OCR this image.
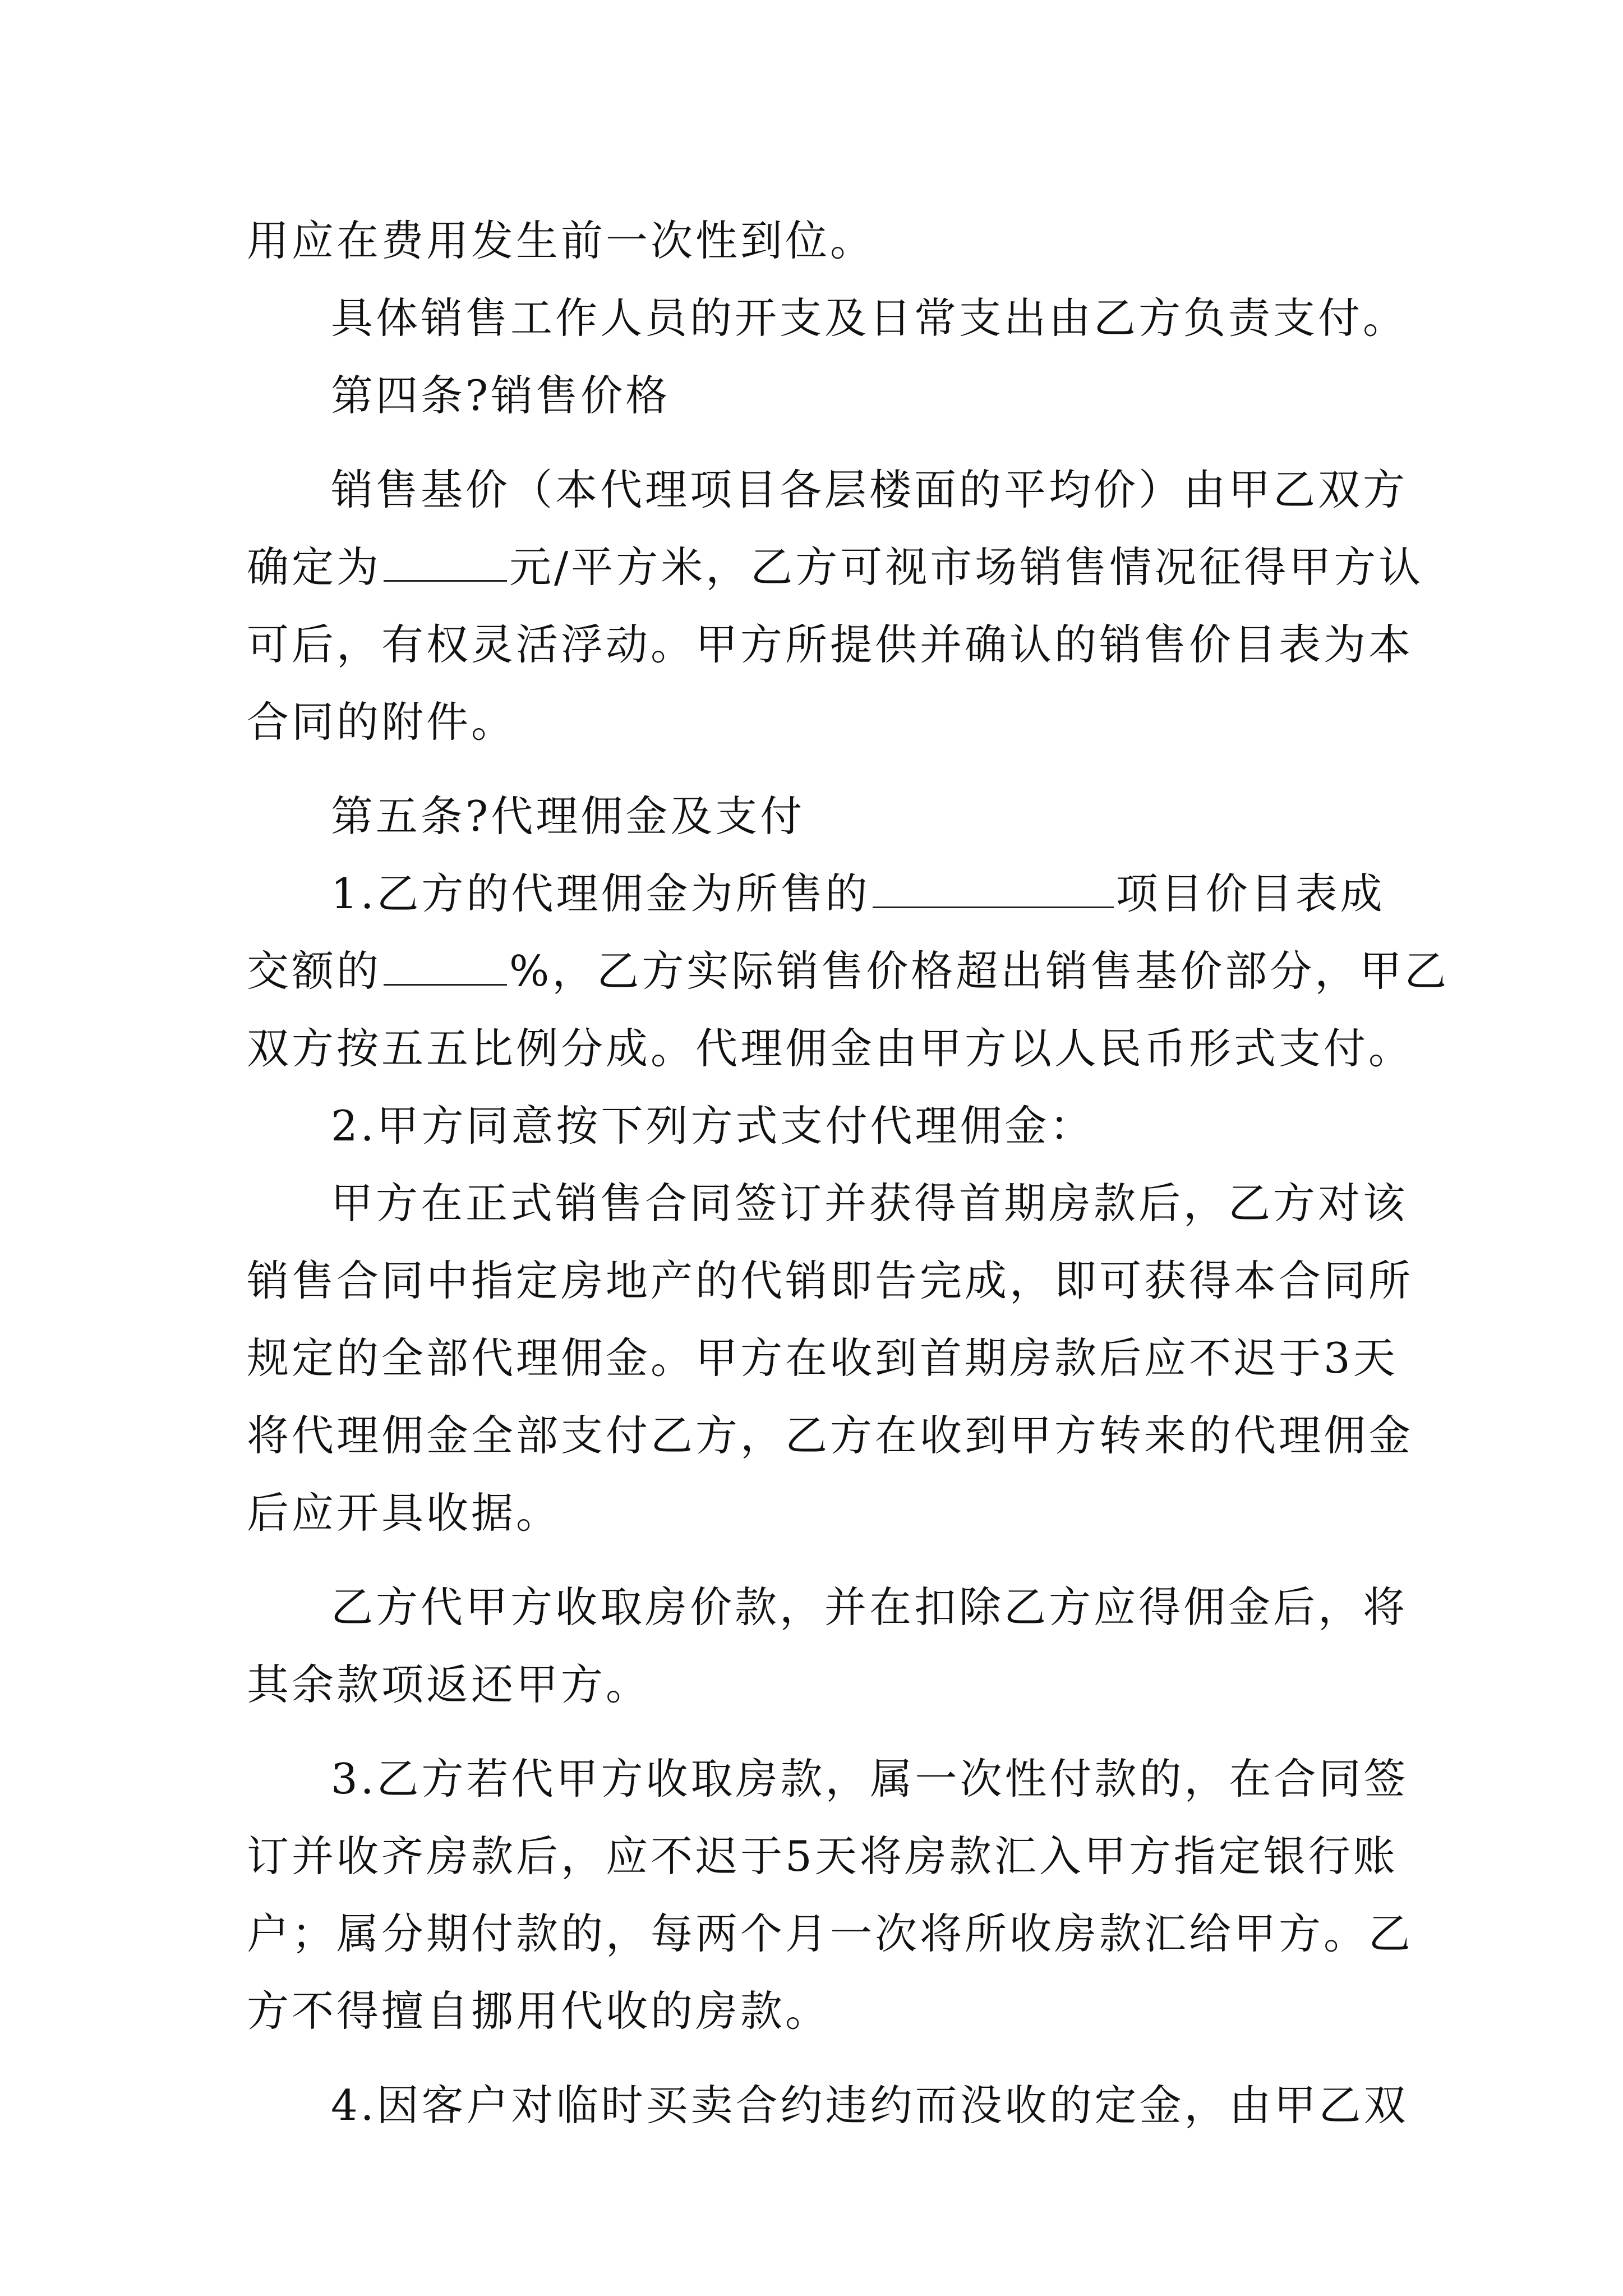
用应在费用发生前一次性到位。
具体销售工作人员的开支及日常支出由乙方负责支付。
第四条?销售价格
销售基价（本代理项目各层楼面的平均价）由甲乙双方
确定为	元/平方米，乙方可视市场销售情况征得甲方认
可后，有权灵活浮动。甲方所提供并确认的销售价目表为本
合同的附件。
第五条?代理佣金及支付
1.乙方的代理佣金为所售的	项目价目表成
交额的	%，乙方实际销售价格超出销售基价部分，甲乙
双方按五五比例分成。代理佣金由甲方以人民币形式支付。
2.甲方同意按下列方式支付代理佣金：
甲方在正式销售合同签订并获得首期房款后，乙方对该
销售合同中指定房地产的代销即告完成，即可获得本合同所
规定的全部代理佣金。甲方在收到首期房款后应不迟于3天
将代理佣金全部支付乙方，乙方在收到甲方转来的代理佣金
后应开具收据。
乙方代甲方收取房价款，并在扣除乙方应得佣金后，将
其余款项返还甲方。
3.乙方若代甲方收取房款，属一次性付款的，在合同签
订并收齐房款后，应不迟于5天将房款汇入甲方指定银行账
户；属分期付款的，每两个月一次将所收房款汇给甲方。乙
方不得擅自挪用代收的房款。
4.因客户对临时买卖合约违约而没收的定金，由甲乙双
